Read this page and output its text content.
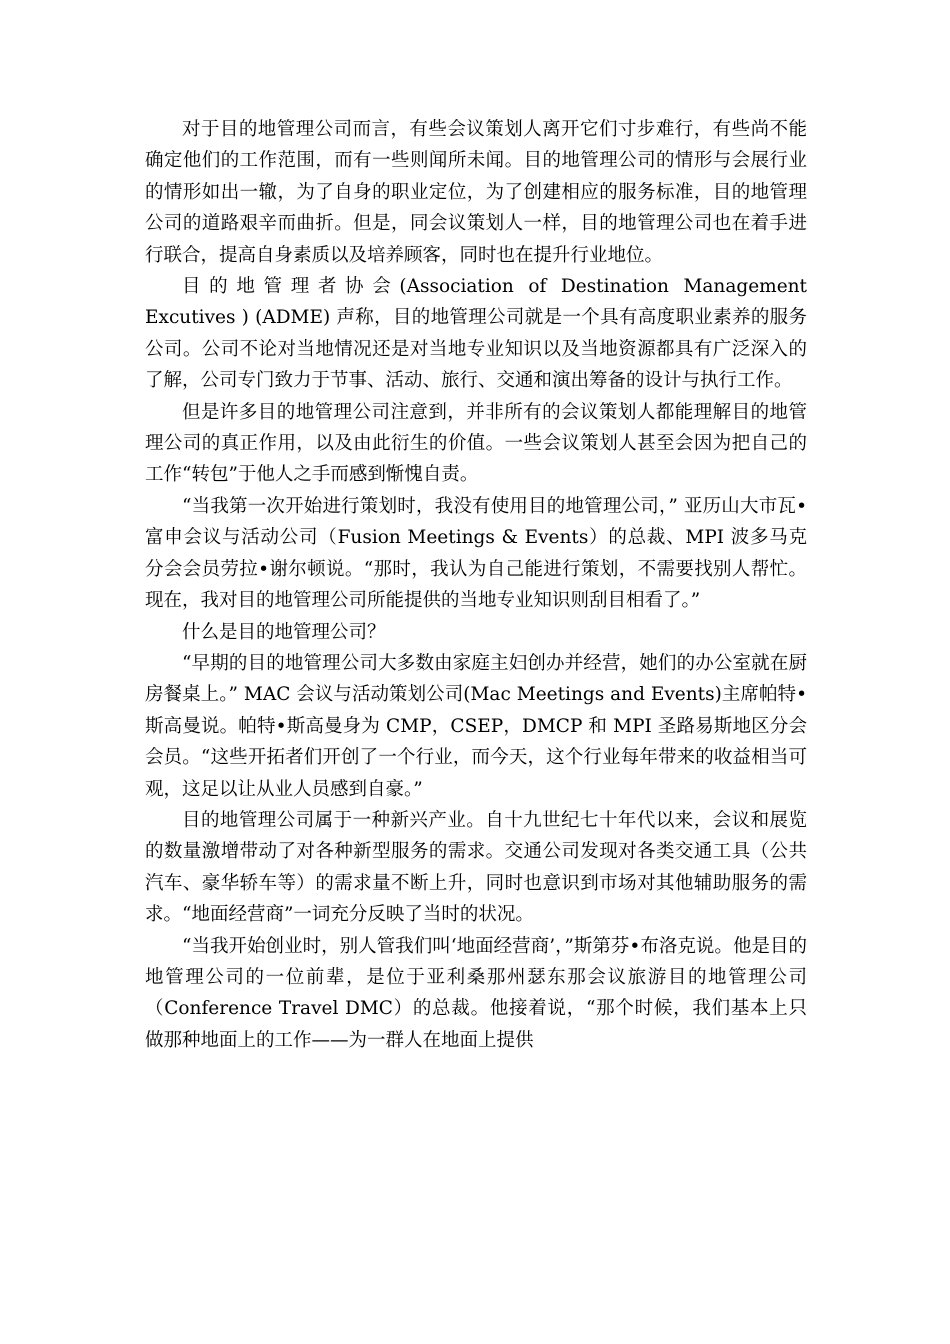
对于目的地管理公司而言，有些会议策划人离开它们寸步难行，有些尚不能确定他们的工作范围，而有一些则闻所未闻。目的地管理公司的情形与会展行业的情形如出一辙，为了自身的职业定位，为了创建相应的服务标准，目的地管理公司的道路艰辛而曲折。但是，同会议策划人一样，目的地管理公司也在着手进行联合，提高自身素质以及培养顾客，同时也在提升行业地位。

目的地管理者协会(Association of Destination Management Excutives ) (ADME) 声称，目的地管理公司就是一个具有高度职业素养的服务公司。公司不论对当地情况还是对当地专业知识以及当地资源都具有广泛深入的了解，公司专门致力于节事、活动、旅行、交通和演出筹备的设计与执行工作。

但是许多目的地管理公司注意到，并非所有的会议策划人都能理解目的地管理公司的真正作用，以及由此衍生的价值。一些会议策划人甚至会因为把自己的工作“转包”于他人之手而感到惭愧自责。

“当我第一次开始进行策划时，我没有使用目的地管理公司，” 亚历山大市瓦•富申会议与活动公司（Fusion Meetings & Events）的总裁、MPI 波多马克分会会员劳拉•谢尔顿说。“那时，我认为自己能进行策划，不需要找别人帮忙。现在，我对目的地管理公司所能提供的当地专业知识则刮目相看了。”

什么是目的地管理公司？

“早期的目的地管理公司大多数由家庭主妇创办并经营，她们的办公室就在厨房餐桌上。” MAC 会议与活动策划公司(Mac Meetings and Events)主席帕特•斯高曼说。帕特•斯高曼身为 CMP，CSEP，DMCP 和 MPI 圣路易斯地区分会会员。“这些开拓者们开创了一个行业，而今天，这个行业每年带来的收益相当可观，这足以让从业人员感到自豪。”

目的地管理公司属于一种新兴产业。自十九世纪七十年代以来，会议和展览的数量激增带动了对各种新型服务的需求。交通公司发现对各类交通工具（公共汽车、豪华轿车等）的需求量不断上升，同时也意识到市场对其他辅助服务的需求。“地面经营商”一词充分反映了当时的状况。

“当我开始创业时，别人管我们叫‘地面经营商’，”斯第芬•布洛克说。他是目的地管理公司的一位前辈，是位于亚利桑那州瑟东那会议旅游目的地管理公司（Conference Travel DMC）的总裁。他接着说，“那个时候，我们基本上只做那种地面上的工作——为一群人在地面上提供
